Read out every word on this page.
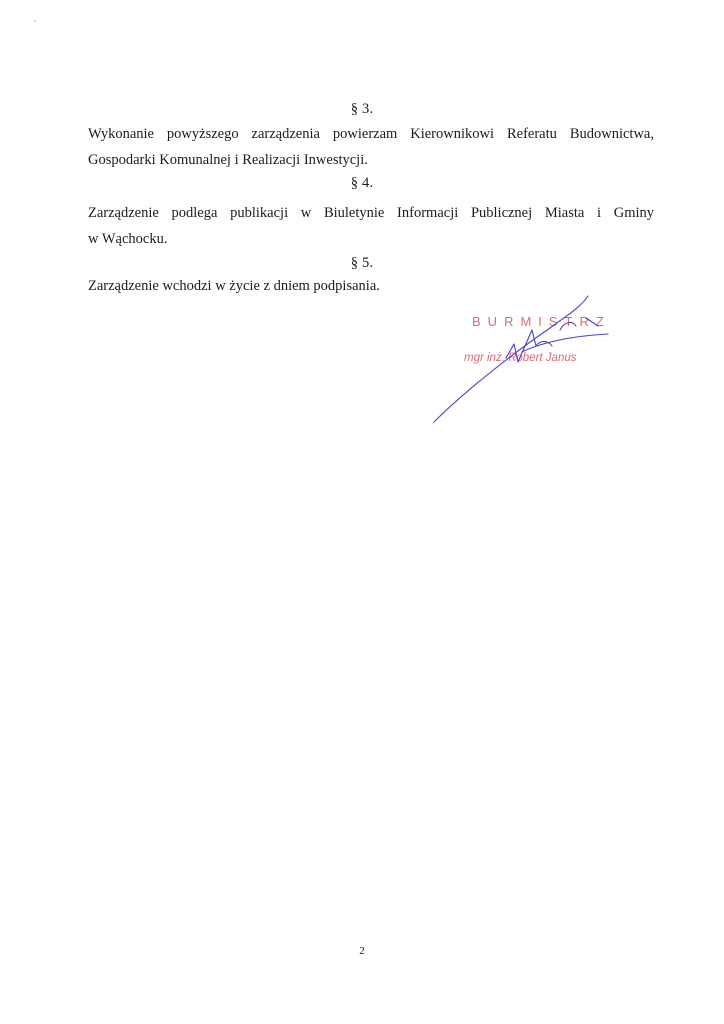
§ 3.
Wykonanie powyższego zarządzenia powierzam Kierownikowi Referatu Budownictwa,
Gospodarki Komunalnej i Realizacji Inwestycji.
§ 4.
Zarządzenie podlega publikacji w Biuletynie Informacji Publicznej Miasta i Gminy
w Wąchocku.
§ 5.
Zarządzenie wchodzi w życie z dniem podpisania.
BURMISTRZ
mgr inż. Robert Janus
2
